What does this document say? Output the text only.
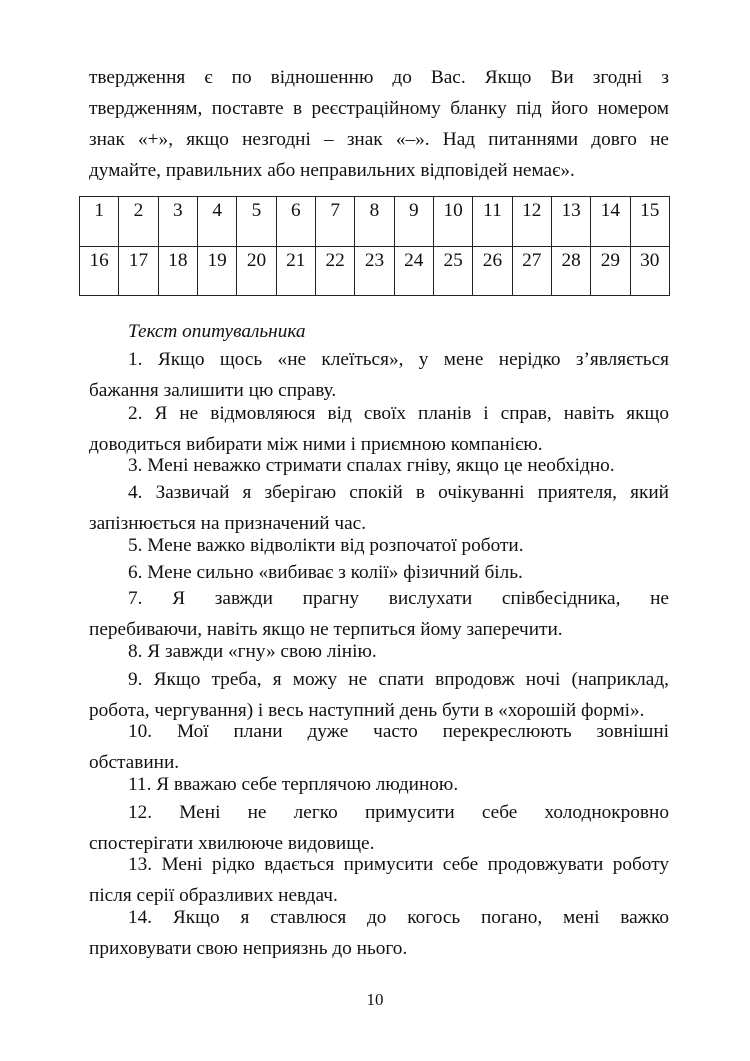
твердження є по відношенню до Вас. Якщо Ви згодні з
твердженням, поставте в реєстраційному бланку під його номером
знак «+», якщо незгодні – знак «–». Над питаннями довго не
думайте, правильних або неправильних відповідей немає».
1	2	3	4	5	6	7	8	9	10	11	12	13	14	15
16	17	18	19	20	21	22	23	24	25	26	27	28	29	30
Текст опитувальника
1. Якщо щось «не клеїться», у мене нерідко з’являється
бажання залишити цю справу.
2. Я не відмовляюся від своїх планів і справ, навіть якщо
доводиться вибирати між ними і приємною компанією.
3. Мені неважко стримати спалах гніву, якщо це необхідно.
4. Зазвичай я зберігаю спокій в очікуванні приятеля, який
запізнюється на призначений час.
5. Мене важко відволікти від розпочатої роботи.
6. Мене сильно «вибиває з колії» фізичний біль.
7. Я завжди прагну вислухати співбесідника, не
перебиваючи, навіть якщо не терпиться йому заперечити.
8. Я завжди «гну» свою лінію.
9. Якщо треба, я можу не спати впродовж ночі (наприклад,
робота, чергування) і весь наступний день бути в «хорошій формі».
10. Мої плани дуже часто перекреслюють зовнішні
обставини.
11. Я вважаю себе терплячою людиною.
12. Мені не легко примусити себе холоднокровно
спостерігати хвилююче видовище.
13. Мені рідко вдається примусити себе продовжувати роботу
після серії образливих невдач.
14. Якщо я ставлюся до когось погано, мені важко
приховувати свою неприязнь до нього.
10
